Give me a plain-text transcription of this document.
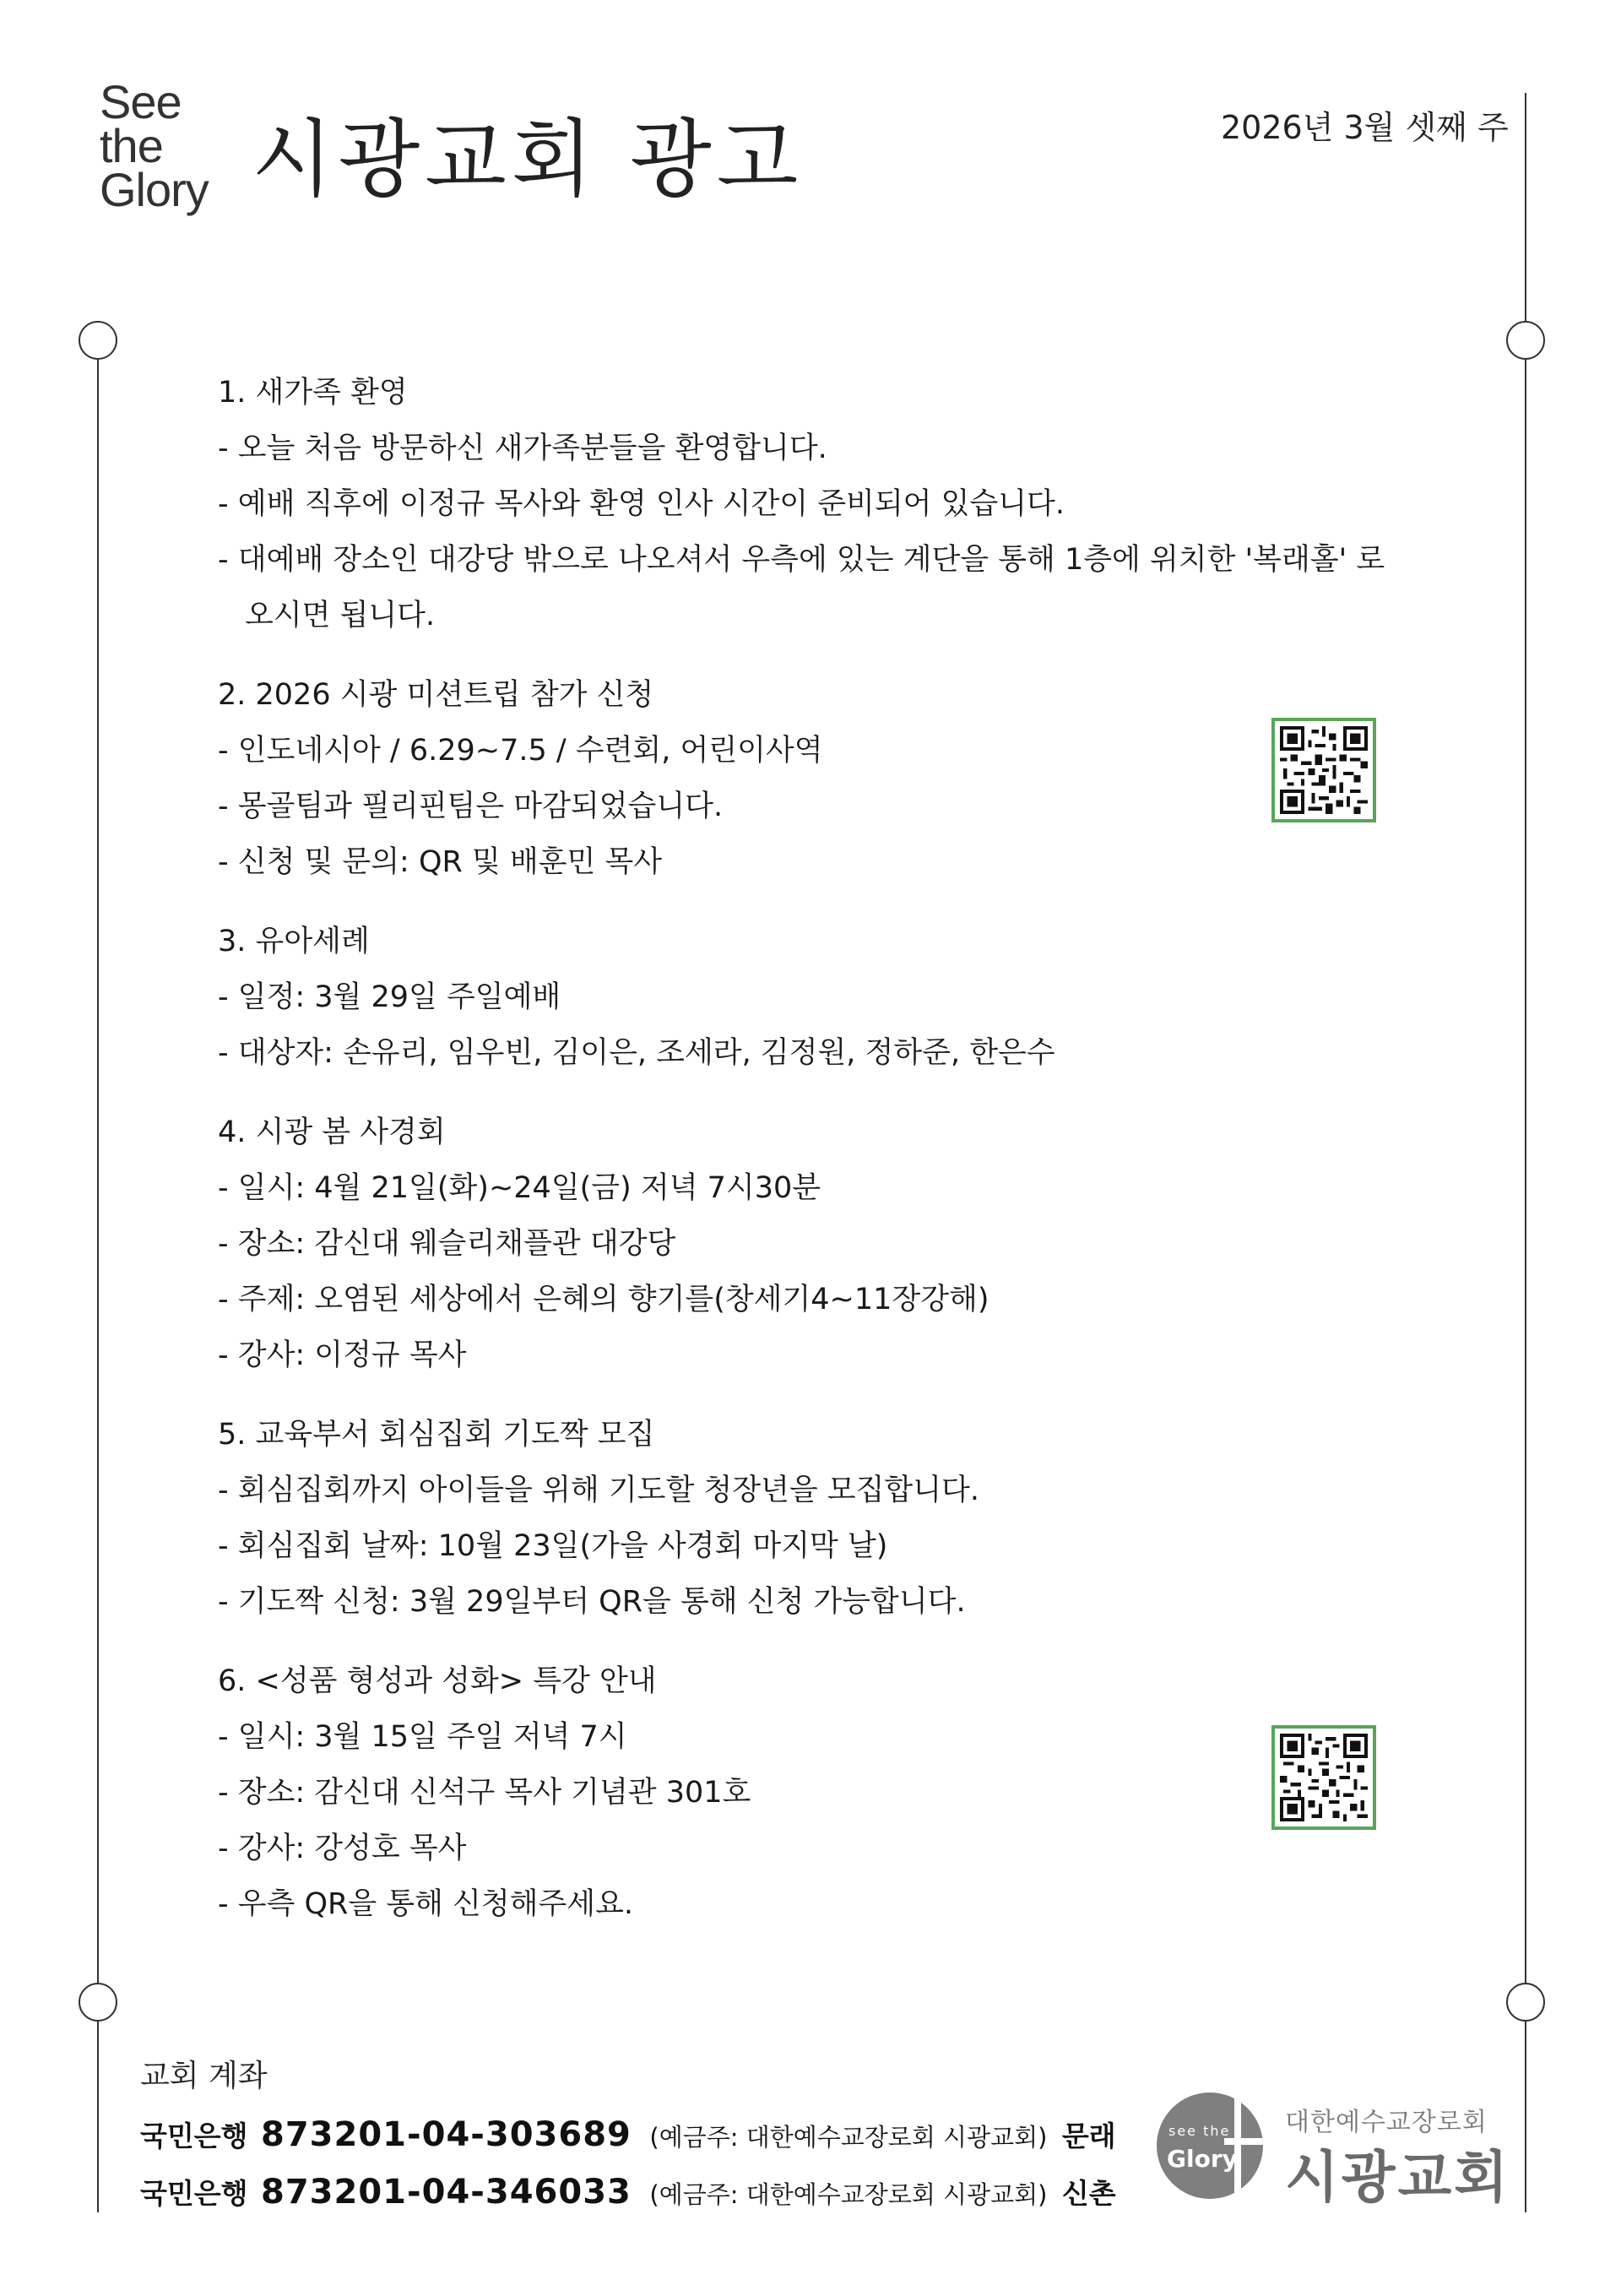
See
the
Glory 시광교회 광고	2026년 3월 셋째 주
1. 새가족 환영
- 오늘 처음 방문하신 새가족분들을 환영합니다.
- 예배 직후에 이정규 목사와 환영 인사 시간이 준비되어 있습니다.
- 대예배 장소인 대강당 밖으로 나오셔서 우측에 있는 계단을 통해 1층에 위치한 '복래홀' 로
오시면 됩니다.
2. 2026 시광 미션트립 참가 신청
- 인도네시아 / 6.29~7.5 / 수련회, 어린이사역
- 몽골팀과 필리핀팀은 마감되었습니다.
- 신청 및 문의: QR 및 배훈민 목사
3. 유아세례
- 일정: 3월 29일 주일예배
- 대상자: 손유리, 임우빈, 김이은, 조세라, 김정원, 정하준, 한은수
4. 시광 봄 사경회
- 일시: 4월 21일(화)~24일(금) 저녁 7시30분
- 장소: 감신대 웨슬리채플관 대강당
- 주제: 오염된 세상에서 은혜의 향기를(창세기4~11장강해)
- 강사: 이정규 목사
5. 교육부서 회심집회 기도짝 모집
- 회심집회까지 아이들을 위해 기도할 청장년을 모집합니다.
- 회심집회 날짜: 10월 23일(가을 사경회 마지막 날)
- 기도짝 신청: 3월 29일부터 QR을 통해 신청 가능합니다.
6. <성품 형성과 성화> 특강 안내
- 일시: 3월 15일 주일 저녁 7시
- 장소: 감신대 신석구 목사 기념관 301호
- 강사: 강성호 목사
- 우측 QR을 통해 신청해주세요.
교회 계좌
국민은행 873201-04-303689 (예금주: 대한예수교장로회 시광교회) 문래
국민은행 873201-04-346033 (예금주: 대한예수교장로회 시광교회) 신촌
see the
Glory
대한예수교장로회
시광교회
